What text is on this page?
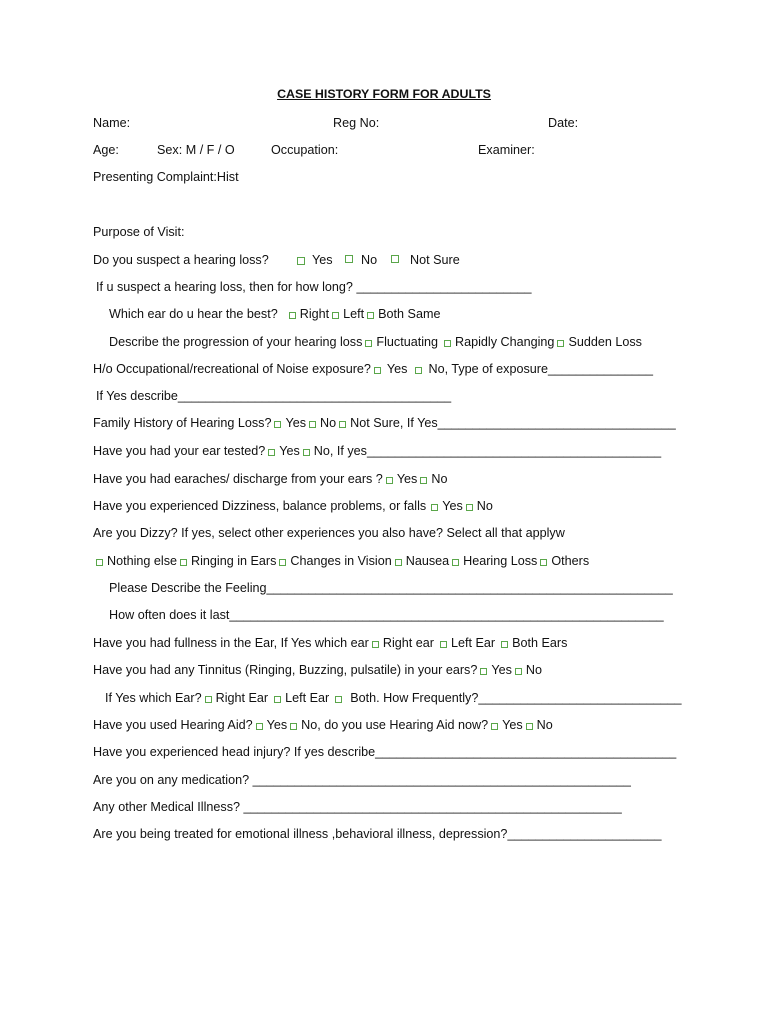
CASE HISTORY FORM FOR ADULTS
Name:	Reg No:	Date:
Age:	Sex: M / F / O	Occupation:	Examiner:
Presenting Complaint:Hist
Purpose of Visit:
Do you suspect a hearing loss?	Yes No	Not Sure
If u suspect a hearing loss, then for how long? _________________________
Which ear do u hear the best? Right Left Both Same
Describe the progression of your hearing loss Fluctuating Rapidly Changing Sudden Loss
H/o Occupational/recreational of Noise exposure? Yes No, Type of exposure _______________
If Yes describe _______________________________________
Family History of Hearing Loss? Yes No Not Sure, If Yes __________________________________
Have you had your ear tested? Yes No, If yes __________________________________________
Have you had earaches/ discharge from your ears ? Yes No
Have you experienced Dizziness, balance problems, or falls Yes No
Are you Dizzy? If yes, select other experiences you also have? Select all that applyw
Nothing else Ringing in Ears Changes in Vision Nausea Hearing Loss Others
Please Describe the Feeling __________________________________________________________
How often does it last ______________________________________________________________
Have you had fullness in the Ear, If Yes which ear Right ear Left Ear Both Ears
Have you had any Tinnitus (Ringing, Buzzing, pulsatile) in your ears? Yes No
If Yes which Ear? Right Ear Left Ear Both. How Frequently? _____________________________
Have you used Hearing Aid? Yes No, do you use Hearing Aid now? Yes No
Have you experienced head injury? If yes describe ___________________________________________
Are you on any medication? ______________________________________________________
Any other Medical Illness? ______________________________________________________
Are you being treated for emotional illness ,behavioral illness, depression? ______________________
